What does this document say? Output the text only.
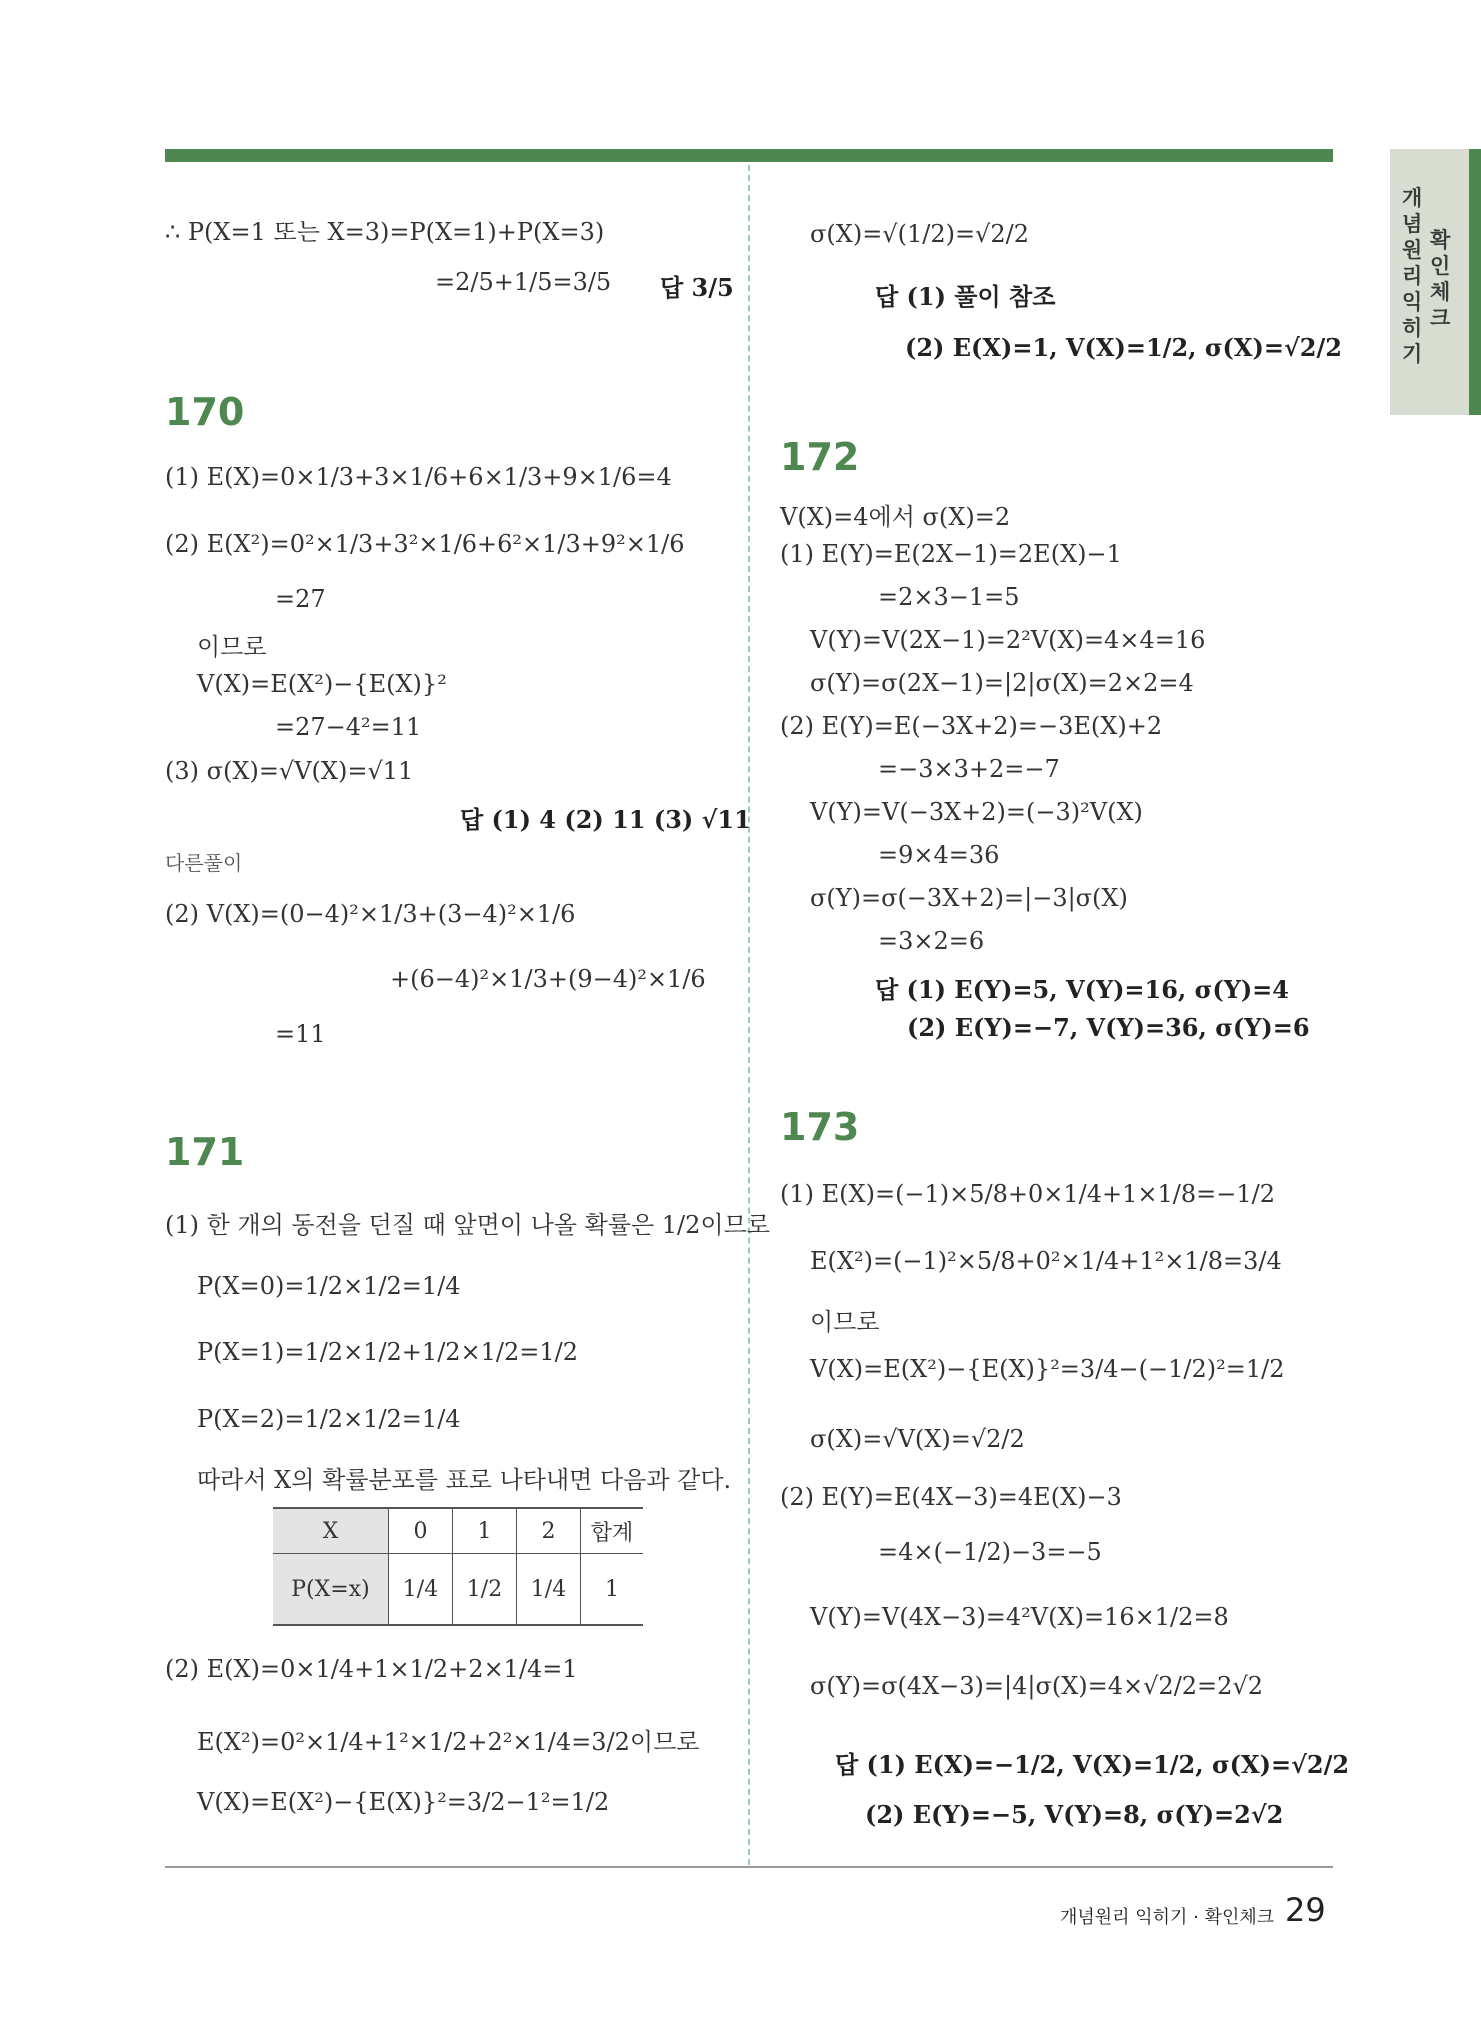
개념원리익히기
확인체크
∴ P(X=1 또는 X=3)=P(X=1)+P(X=3)
=2/5+1/5=3/5 답 3/5
170
(1) E(X)=0×1/3+3×1/6+6×1/3+9×1/6=4
(2) E(X²)=0²×1/3+3²×1/6+6²×1/3+9²×1/6
=27
이므로
V(X)=E(X²)−{E(X)}²
=27−4²=11
(3) σ(X)=√V(X)=√11
답 (1) 4 (2) 11 (3) √11
다른풀이
(2) V(X)=(0−4)²×1/3+(3−4)²×1/6
+(6−4)²×1/3+(9−4)²×1/6
=11
171
(1) 한 개의 동전을 던질 때 앞면이 나올 확률은 1/2이므로
P(X=0)=1/2×1/2=1/4
P(X=1)=1/2×1/2+1/2×1/2=1/2
P(X=2)=1/2×1/2=1/4
따라서 X의 확률분포를 표로 나타내면 다음과 같다.
X	0	1	2	합계
P(X=x)	1/4	1/2	1/4	1
(2) E(X)=0×1/4+1×1/2+2×1/4=1
E(X²)=0²×1/4+1²×1/2+2²×1/4=3/2이므로
V(X)=E(X²)−{E(X)}²=3/2−1²=1/2
σ(X)=√(1/2)=√2/2
답 (1) 풀이 참조
(2) E(X)=1, V(X)=1/2, σ(X)=√2/2
172
V(X)=4에서 σ(X)=2
(1) E(Y)=E(2X−1)=2E(X)−1
=2×3−1=5
V(Y)=V(2X−1)=2²V(X)=4×4=16
σ(Y)=σ(2X−1)=|2|σ(X)=2×2=4
(2) E(Y)=E(−3X+2)=−3E(X)+2
=−3×3+2=−7
V(Y)=V(−3X+2)=(−3)²V(X)
=9×4=36
σ(Y)=σ(−3X+2)=|−3|σ(X)
=3×2=6
답 (1) E(Y)=5, V(Y)=16, σ(Y)=4
(2) E(Y)=−7, V(Y)=36, σ(Y)=6
173
(1) E(X)=(−1)×5/8+0×1/4+1×1/8=−1/2
E(X²)=(−1)²×5/8+0²×1/4+1²×1/8=3/4
이므로
V(X)=E(X²)−{E(X)}²=3/4−(−1/2)²=1/2
σ(X)=√V(X)=√2/2
(2) E(Y)=E(4X−3)=4E(X)−3
=4×(−1/2)−3=−5
V(Y)=V(4X−3)=4²V(X)=16×1/2=8
σ(Y)=σ(4X−3)=|4|σ(X)=4×√2/2=2√2
답 (1) E(X)=−1/2, V(X)=1/2, σ(X)=√2/2
(2) E(Y)=−5, V(Y)=8, σ(Y)=2√2
개념원리 익히기 · 확인체크 29
